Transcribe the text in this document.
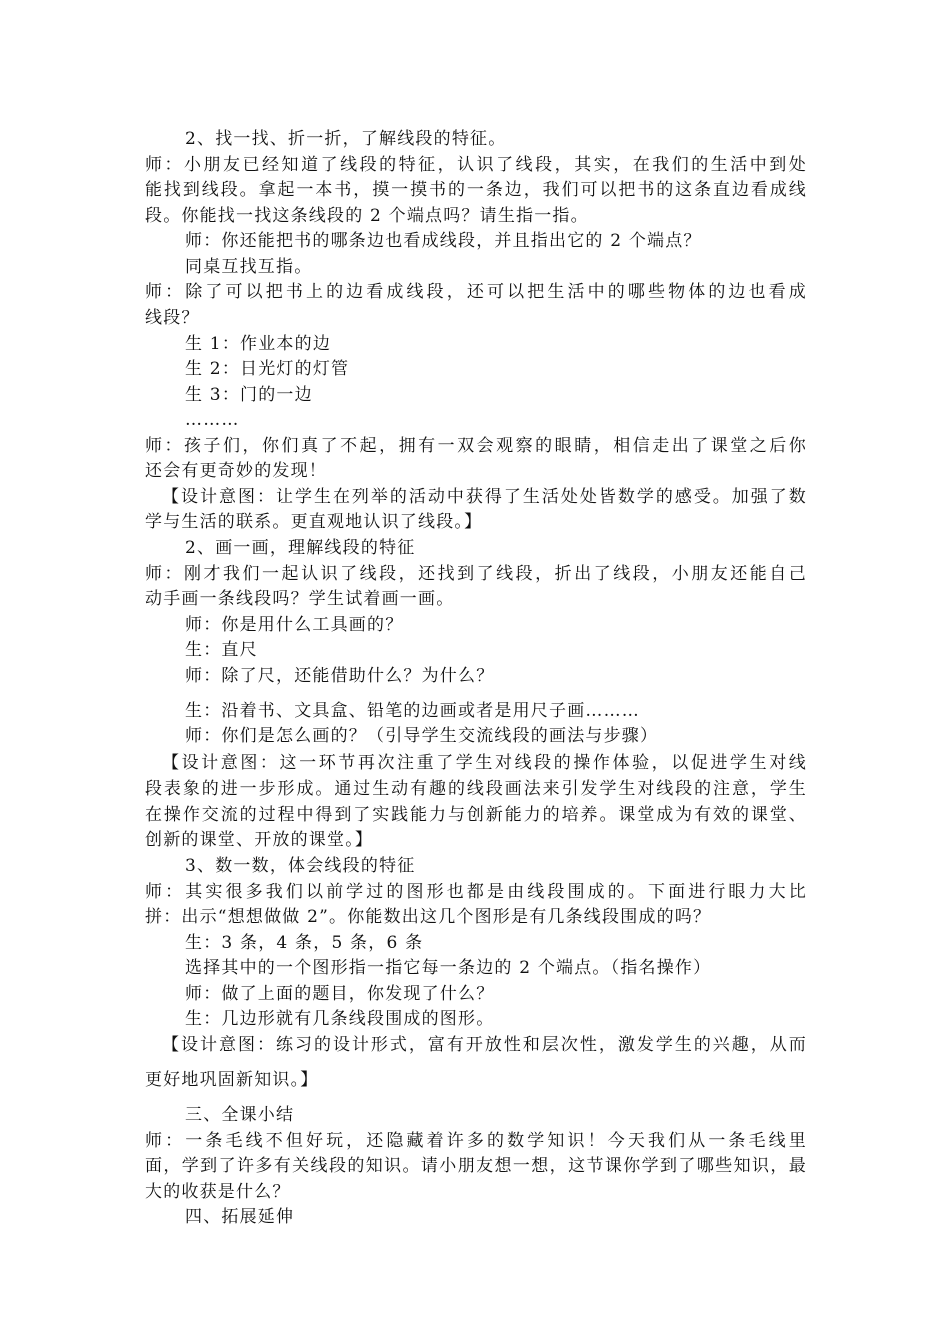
2、找一找、折一折，了解线段的特征。
师：小朋友已经知道了线段的特征，认识了线段，其实，在我们的生活中到处
能找到线段。拿起一本书，摸一摸书的一条边，我们可以把书的这条直边看成线
段。你能找一找这条线段的 2 个端点吗？请生指一指。
师：你还能把书的哪条边也看成线段，并且指出它的 2 个端点？
同桌互找互指。
师：除了可以把书上的边看成线段，还可以把生活中的哪些物体的边也看成
线段？
生 1：作业本的边
生 2：日光灯的灯管
生 3：门的一边
………
师：孩子们，你们真了不起，拥有一双会观察的眼睛，相信走出了课堂之后你
还会有更奇妙的发现！
【设计意图：让学生在列举的活动中获得了生活处处皆数学的感受。加强了数
学与生活的联系。更直观地认识了线段。】
2、画一画，理解线段的特征
师：刚才我们一起认识了线段，还找到了线段，折出了线段，小朋友还能自己
动手画一条线段吗？学生试着画一画。
师：你是用什么工具画的？
生：直尺
师：除了尺，还能借助什么？为什么？
生：沿着书、文具盒、铅笔的边画或者是用尺子画………
师：你们是怎么画的？（引导学生交流线段的画法与步骤）
【设计意图：这一环节再次注重了学生对线段的操作体验，以促进学生对线
段表象的进一步形成。通过生动有趣的线段画法来引发学生对线段的注意，学生
在操作交流的过程中得到了实践能力与创新能力的培养。课堂成为有效的课堂、
创新的课堂、开放的课堂。】
3、数一数，体会线段的特征
师：其实很多我们以前学过的图形也都是由线段围成的。下面进行眼力大比
拼：出示“想想做做 2”。你能数出这几个图形是有几条线段围成的吗？
生：3 条，4 条，5 条，6 条
选择其中的一个图形指一指它每一条边的 2 个端点。（指名操作）
师：做了上面的题目，你发现了什么？
生：几边形就有几条线段围成的图形。
【设计意图：练习的设计形式，富有开放性和层次性，激发学生的兴趣，从而
更好地巩固新知识。】
三、全课小结
师：一条毛线不但好玩，还隐藏着许多的数学知识！今天我们从一条毛线里
面，学到了许多有关线段的知识。请小朋友想一想，这节课你学到了哪些知识，最
大的收获是什么？
四、拓展延伸
